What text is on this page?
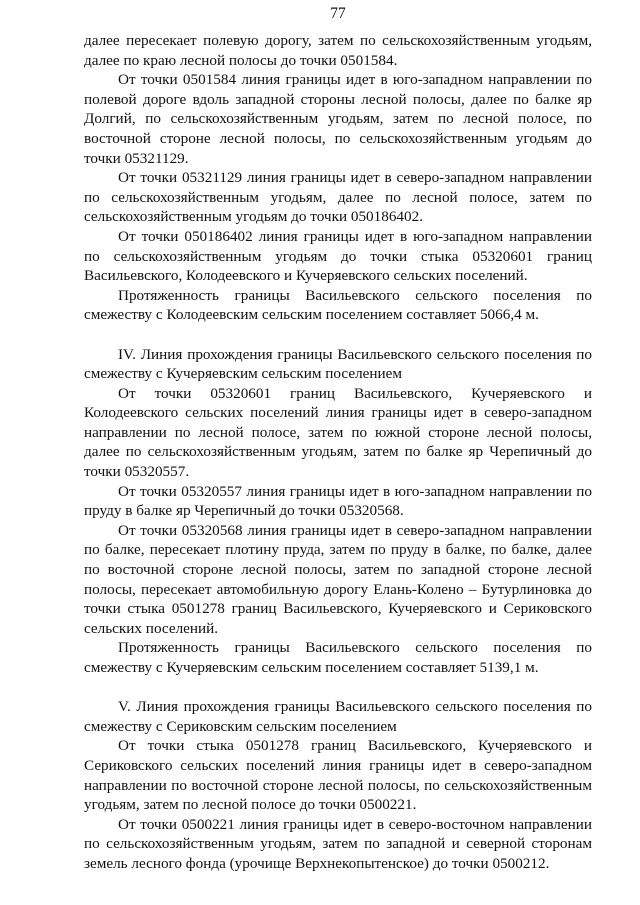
77

далее пересекает полевую дорогу, затем по сельскохозяйственным угодьям, далее по краю лесной полосы до точки 0501584.

От точки 0501584 линия границы идет в юго-западном направлении по полевой дороге вдоль западной стороны лесной полосы, далее по балке яр Долгий, по сельскохозяйственным угодьям, затем по лесной полосе, по восточной стороне лесной полосы, по сельскохозяйственным угодьям до точки 05321129.

От точки 05321129 линия границы идет в северо-западном направлении по сельскохозяйственным угодьям, далее по лесной полосе, затем по сельскохозяйственным угодьям до точки 050186402.

От точки 050186402 линия границы идет в юго-западном направлении по сельскохозяйственным угодьям до точки стыка 05320601 границ Васильевского, Колодеевского и Кучеряевского сельских поселений.

Протяженность границы Васильевского сельского поселения по смежеству с Колодеевским сельским поселением составляет 5066,4 м.

IV. Линия прохождения границы Васильевского сельского поселения по смежеству с Кучеряевским сельским поселением

От точки 05320601 границ Васильевского, Кучеряевского и Колодеевского сельских поселений линия границы идет в северо-западном направлении по лесной полосе, затем по южной стороне лесной полосы, далее по сельскохозяйственным угодьям, затем по балке яр Черепичный до точки 05320557.

От точки 05320557 линия границы идет в юго-западном направлении по пруду в балке яр Черепичный до точки 05320568.

От точки 05320568 линия границы идет в северо-западном направлении по балке, пересекает плотину пруда, затем по пруду в балке, по балке, далее по восточной стороне лесной полосы, затем по западной стороне лесной полосы, пересекает автомобильную дорогу Елань-Колено – Бутурлиновка до точки стыка 0501278 границ Васильевского, Кучеряевского и Сериковского сельских поселений.

Протяженность границы Васильевского сельского поселения по смежеству с Кучеряевским сельским поселением составляет 5139,1 м.

V. Линия прохождения границы Васильевского сельского поселения по смежеству с Сериковским сельским поселением

От точки стыка 0501278 границ Васильевского, Кучеряевского и Сериковского сельских поселений линия границы идет в северо-западном направлении по восточной стороне лесной полосы, по сельскохозяйственным угодьям, затем по лесной полосе до точки 0500221.

От точки 0500221 линия границы идет в северо-восточном направлении по сельскохозяйственным угодьям, затем по западной и северной сторонам земель лесного фонда (урочище Верхнекопытенское) до точки 0500212.
